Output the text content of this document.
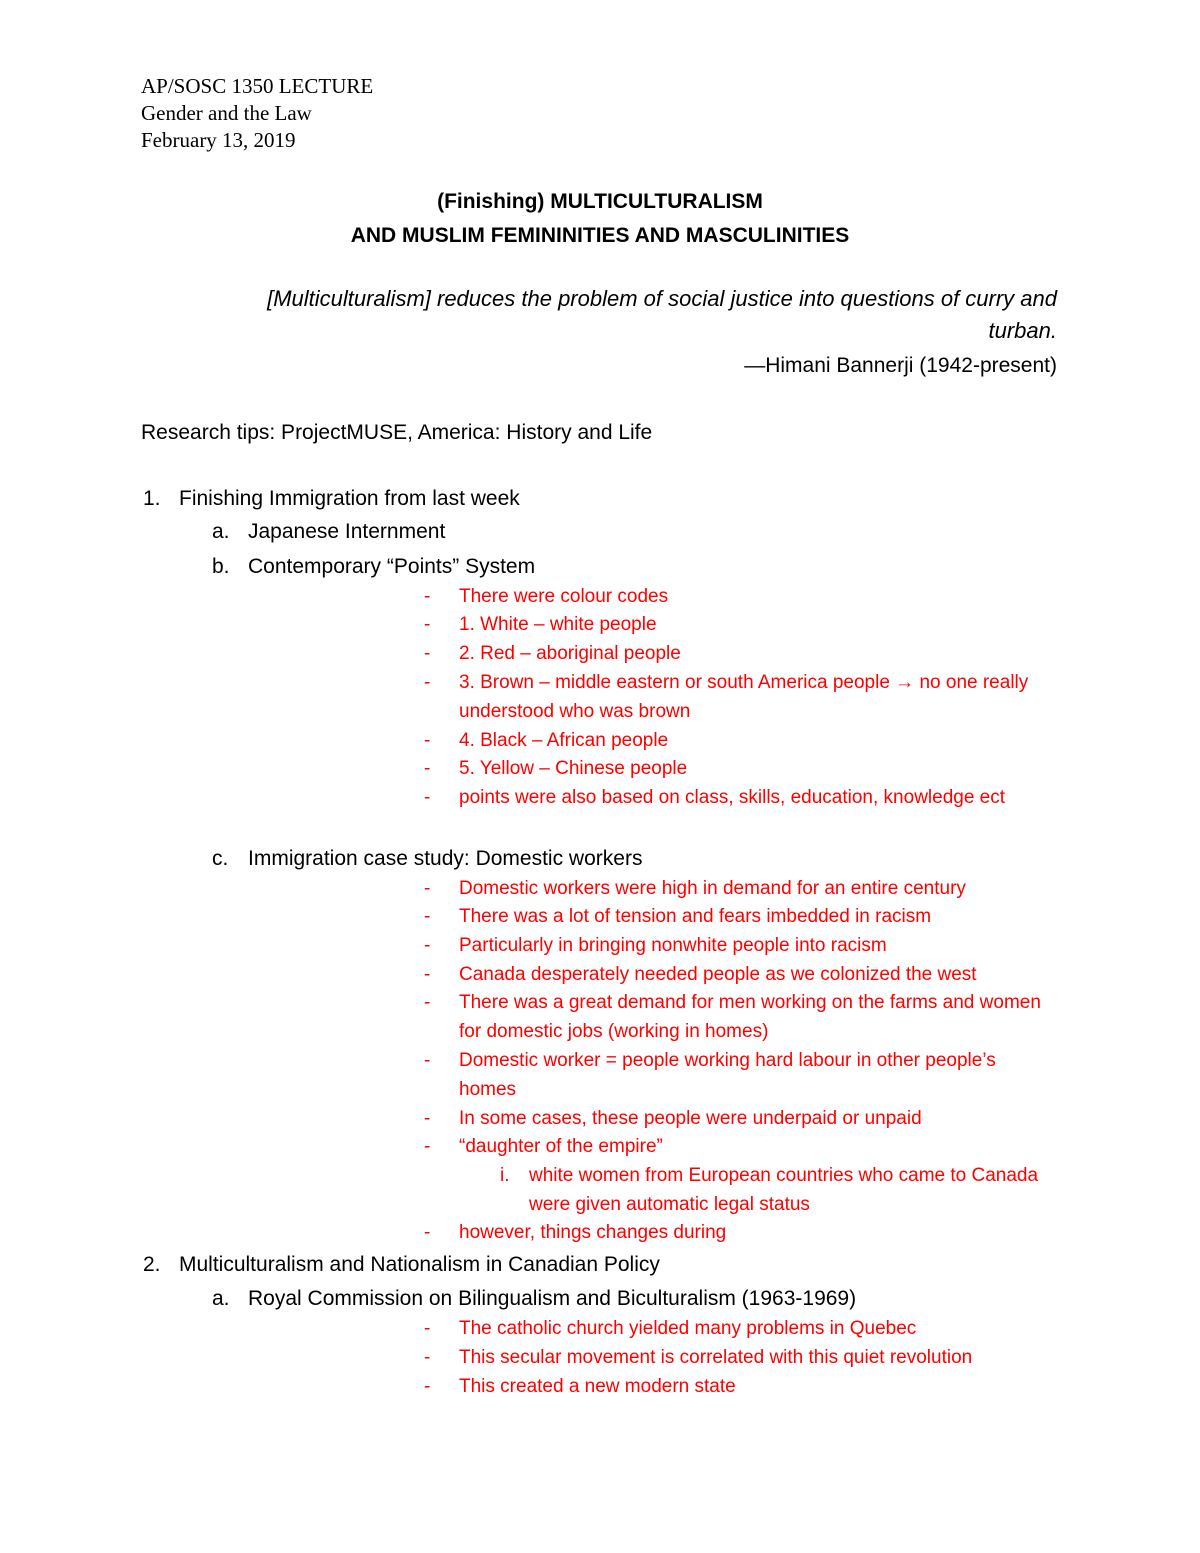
AP/SOSC 1350 LECTURE
Gender and the Law
February 13, 2019
(Finishing) MULTICULTURALISM
AND MUSLIM FEMININITIES AND MASCULINITIES
[Multiculturalism] reduces the problem of social justice into questions of curry and
turban.
—Himani Bannerji (1942-present)
Research tips: ProjectMUSE, America: History and Life
1. Finishing Immigration from last week
a. Japanese Internment
b. Contemporary “Points” System
- There were colour codes
- 1. White – white people
- 2. Red – aboriginal people
- 3. Brown – middle eastern or south America people → no one really understood who was brown
- 4. Black – African people
- 5. Yellow – Chinese people
- points were also based on class, skills, education, knowledge ect
c. Immigration case study: Domestic workers
- Domestic workers were high in demand for an entire century
- There was a lot of tension and fears imbedded in racism
- Particularly in bringing nonwhite people into racism
- Canada desperately needed people as we colonized the west
- There was a great demand for men working on the farms and women for domestic jobs (working in homes)
- Domestic worker = people working hard labour in other people’s homes
- In some cases, these people were underpaid or unpaid
- “daughter of the empire”
i. white women from European countries who came to Canada were given automatic legal status
- however, things changes during
2. Multiculturalism and Nationalism in Canadian Policy
a. Royal Commission on Bilingualism and Biculturalism (1963-1969)
- The catholic church yielded many problems in Quebec
- This secular movement is correlated with this quiet revolution
- This created a new modern state
